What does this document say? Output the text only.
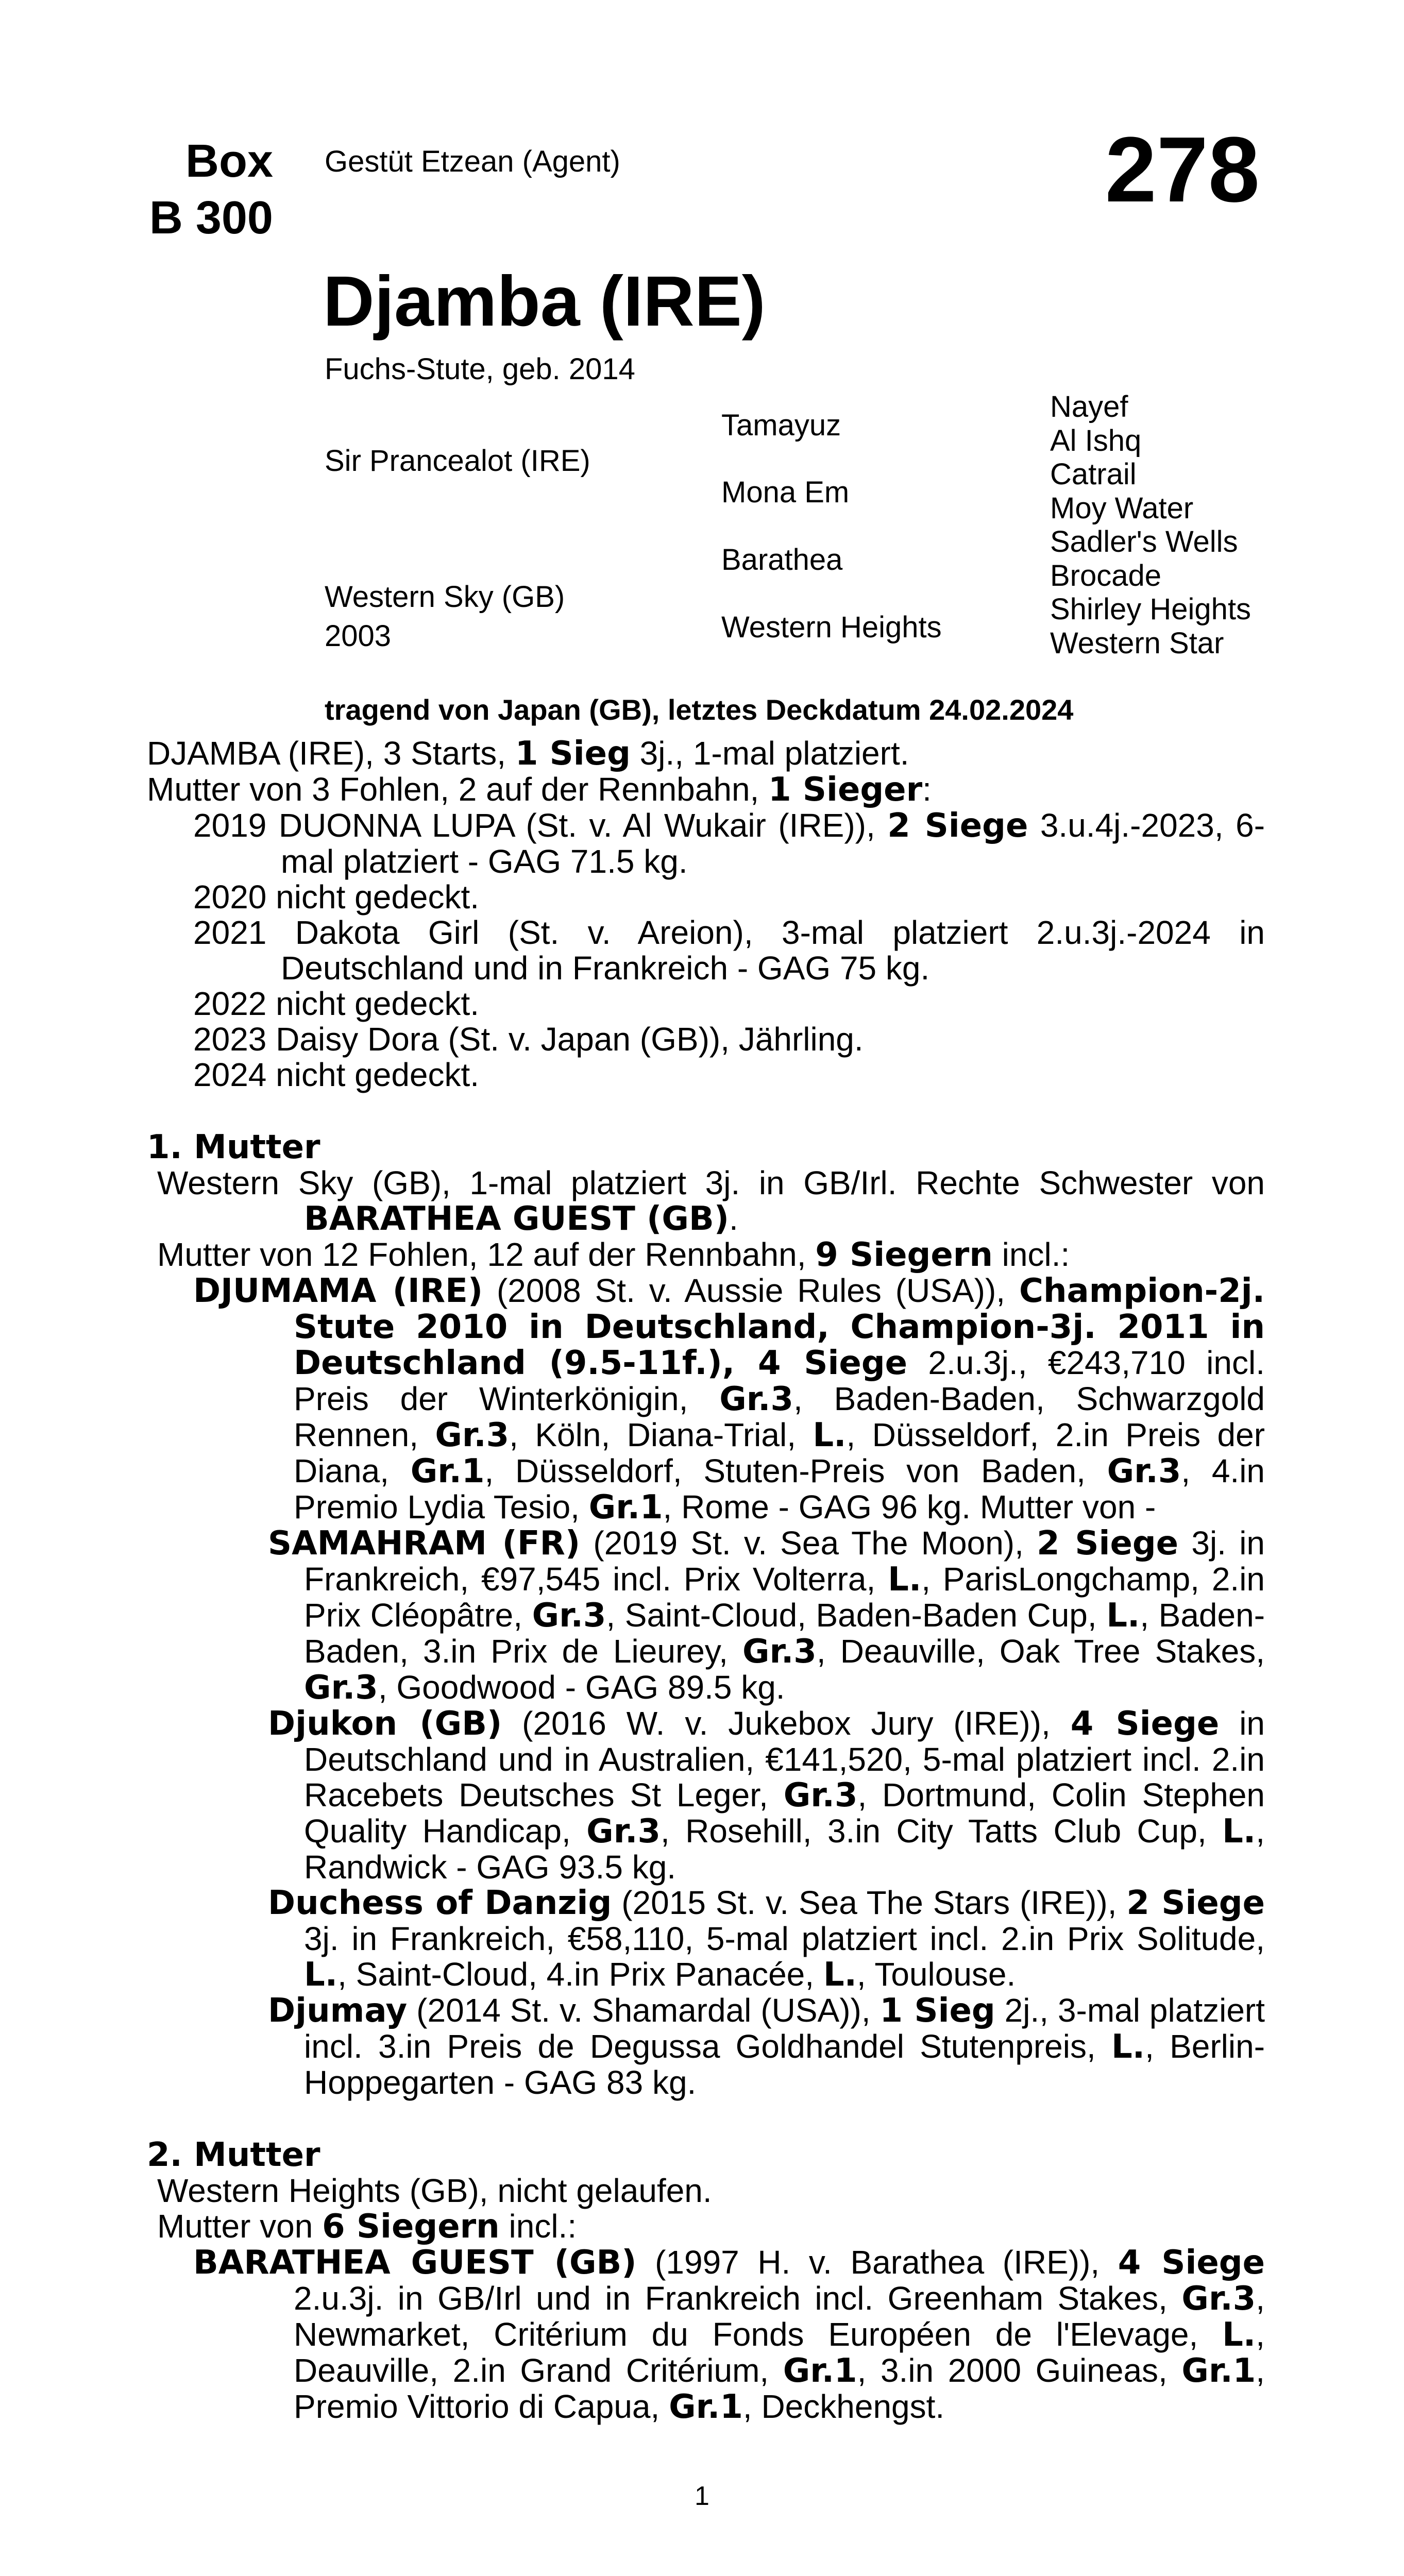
Box
B 300
Gestüt Etzean (Agent)	278
Djamba (IRE)
Fuchs-Stute, geb. 2014
Sir Prancealot (IRE)
Western Sky (GB)
2003
Tamayuz
Mona Em
Barathea
Western Heights
Nayef
Al Ishq
Catrail
Moy Water
Sadler's Wells
Brocade
Shirley Heights
Western Star
tragend von Japan (GB), letztes Deckdatum 24.02.2024

DJAMBA (IRE), 3 Starts, 1 Sieg 3j., 1-mal platziert.

Mutter von 3 Fohlen, 2 auf der Rennbahn, 1 Sieger:

2019 DUONNA LUPA (St. v. Al Wukair (IRE)), 2 Siege 3.u.4j.-2023, 6-mal platziert - GAG 71.5 kg.

2020 nicht gedeckt.

2021 Dakota Girl (St. v. Areion), 3-mal platziert 2.u.3j.-2024 in Deutschland und in Frankreich - GAG 75 kg.

2022 nicht gedeckt.

2023 Daisy Dora (St. v. Japan (GB)), Jährling.

2024 nicht gedeckt.

1. Mutter

Western Sky (GB), 1-mal platziert 3j. in GB/Irl. Rechte Schwester von BARATHEA GUEST (GB).

Mutter von 12 Fohlen, 12 auf der Rennbahn, 9 Siegern incl.:

DJUMAMA (IRE) (2008 St. v. Aussie Rules (USA)), Champion-2j. Stute 2010 in Deutschland, Champion-3j. 2011 in Deutschland (9.5-11f.), 4 Siege 2.u.3j., €243,710 incl. Preis der Winterkönigin, Gr.3, Baden-Baden, Schwarzgold Rennen, Gr.3, Köln, Diana-Trial, L., Düsseldorf, 2.in Preis der Diana, Gr.1, Düsseldorf, Stuten-Preis von Baden, Gr.3, 4.in Premio Lydia Tesio, Gr.1, Rome - GAG 96 kg. Mutter von -

SAMAHRAM (FR) (2019 St. v. Sea The Moon), 2 Siege 3j. in Frankreich, €97,545 incl. Prix Volterra, L., ParisLongchamp, 2.in Prix Cléopâtre, Gr.3, Saint-Cloud, Baden-Baden Cup, L., Baden-Baden, 3.in Prix de Lieurey, Gr.3, Deauville, Oak Tree Stakes, Gr.3, Goodwood - GAG 89.5 kg.

Djukon (GB) (2016 W. v. Jukebox Jury (IRE)), 4 Siege in Deutschland und in Australien, €141,520, 5-mal platziert incl. 2.in Racebets Deutsches St Leger, Gr.3, Dortmund, Colin Stephen Quality Handicap, Gr.3, Rosehill, 3.in City Tatts Club Cup, L., Randwick - GAG 93.5 kg.

Duchess of Danzig (2015 St. v. Sea The Stars (IRE)), 2 Siege 3j. in Frankreich, €58,110, 5-mal platziert incl. 2.in Prix Solitude, L., Saint-Cloud, 4.in Prix Panacée, L., Toulouse.

Djumay (2014 St. v. Shamardal (USA)), 1 Sieg 2j., 3-mal platziert incl. 3.in Preis de Degussa Goldhandel Stutenpreis, L., Berlin-Hoppegarten - GAG 83 kg.

2. Mutter

Western Heights (GB), nicht gelaufen.

Mutter von 6 Siegern incl.:

BARATHEA GUEST (GB) (1997 H. v. Barathea (IRE)), 4 Siege 2.u.3j. in GB/Irl und in Frankreich incl. Greenham Stakes, Gr.3, Newmarket, Critérium du Fonds Européen de l'Elevage, L., Deauville, 2.in Grand Critérium, Gr.1, 3.in 2000 Guineas, Gr.1, Premio Vittorio di Capua, Gr.1, Deckhengst.

1
